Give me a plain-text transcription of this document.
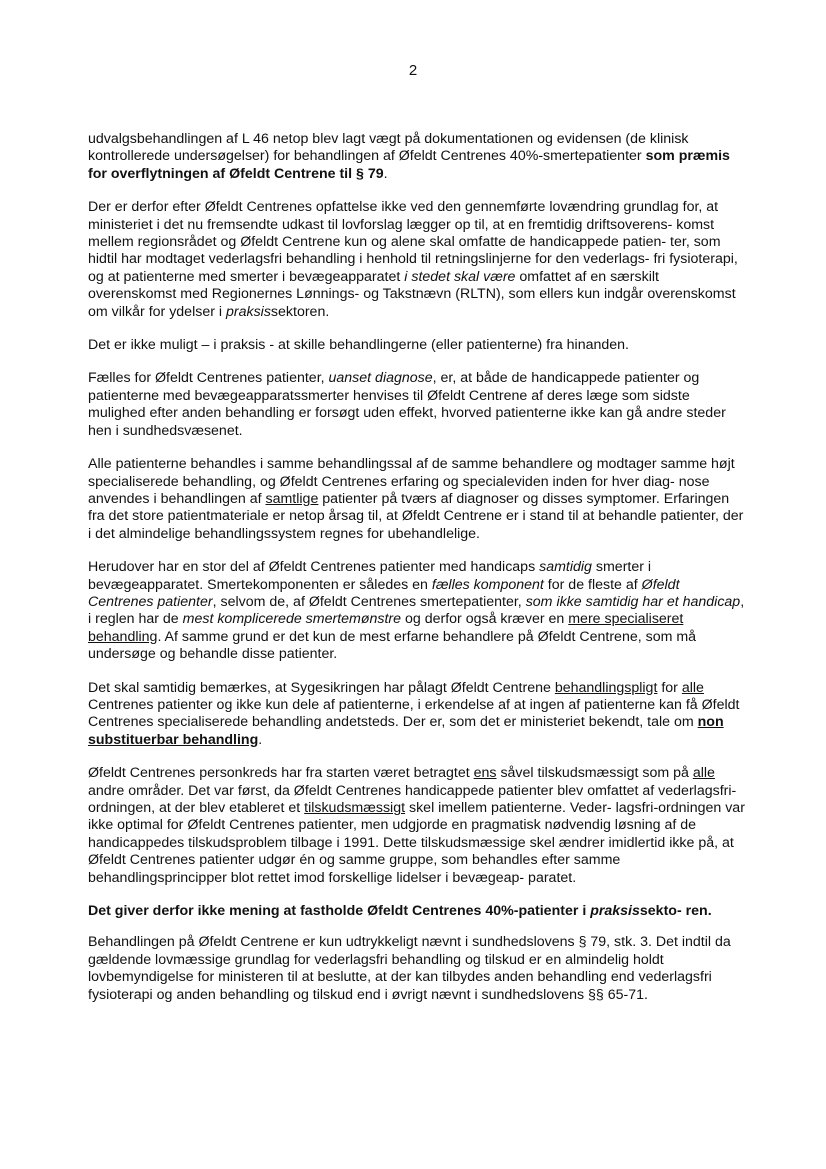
2

udvalgsbehandlingen af L 46 netop blev lagt vægt på dokumentationen og evidensen (de klinisk kontrollerede undersøgelser) for behandlingen af Øfeldt Centrenes 40%-smertepatienter som præmis for overflytningen af Øfeldt Centrene til § 79.

Der er derfor efter Øfeldt Centrenes opfattelse ikke ved den gennemførte lovændring grundlag for, at ministeriet i det nu fremsendte udkast til lovforslag lægger op til, at en fremtidig driftsoverens- komst mellem regionsrådet og Øfeldt Centrene kun og alene skal omfatte de handicappede patien- ter, som hidtil har modtaget vederlagsfri behandling i henhold til retningslinjerne for den vederlags- fri fysioterapi, og at patienterne med smerter i bevægeapparatet i stedet skal være omfattet af en særskilt overenskomst med Regionernes Lønnings- og Takstnævn (RLTN), som ellers kun indgår overenskomst om vilkår for ydelser i praksissektoren.

Det er ikke muligt – i praksis - at skille behandlingerne (eller patienterne) fra hinanden.

Fælles for Øfeldt Centrenes patienter, uanset diagnose, er, at både de handicappede patienter og patienterne med bevægeapparatssmerter henvises til Øfeldt Centrene af deres læge som sidste mulighed efter anden behandling er forsøgt uden effekt, hvorved patienterne ikke kan gå andre steder hen i sundhedsvæsenet.

Alle patienterne behandles i samme behandlingssal af de samme behandlere og modtager samme højt specialiserede behandling, og Øfeldt Centrenes erfaring og specialeviden inden for hver diag- nose anvendes i behandlingen af samtlige patienter på tværs af diagnoser og disses symptomer. Erfaringen fra det store patientmateriale er netop årsag til, at Øfeldt Centrene er i stand til at behandle patienter, der i det almindelige behandlingssystem regnes for ubehandlelige.

Herudover har en stor del af Øfeldt Centrenes patienter med handicaps samtidig smerter i bevægeapparatet. Smertekomponenten er således en fælles komponent for de fleste af Øfeldt Centrenes patienter, selvom de, af Øfeldt Centrenes smertepatienter, som ikke samtidig har et handicap, i reglen har de mest komplicerede smertemønstre og derfor også kræver en mere specialiseret behandling. Af samme grund er det kun de mest erfarne behandlere på Øfeldt Centrene, som må undersøge og behandle disse patienter.

Det skal samtidig bemærkes, at Sygesikringen har pålagt Øfeldt Centrene behandlingspligt for alle Centrenes patienter og ikke kun dele af patienterne, i erkendelse af at ingen af patienterne kan få Øfeldt Centrenes specialiserede behandling andetsteds. Der er, som det er ministeriet bekendt, tale om non substituerbar behandling.

Øfeldt Centrenes personkreds har fra starten været betragtet ens såvel tilskudsmæssigt som på alle andre områder. Det var først, da Øfeldt Centrenes handicappede patienter blev omfattet af vederlagsfri-ordningen, at der blev etableret et tilskudsmæssigt skel imellem patienterne. Veder- lagsfri-ordningen var ikke optimal for Øfeldt Centrenes patienter, men udgjorde en pragmatisk nødvendig løsning af de handicappedes tilskudsproblem tilbage i 1991. Dette tilskudsmæssige skel ændrer imidlertid ikke på, at Øfeldt Centrenes patienter udgør én og samme gruppe, som behandles efter samme behandlingsprincipper blot rettet imod forskellige lidelser i bevægeap- paratet.

Det giver derfor ikke mening at fastholde Øfeldt Centrenes 40%-patienter i praksissekto- ren.

Behandlingen på Øfeldt Centrene er kun udtrykkeligt nævnt i sundhedslovens § 79, stk. 3. Det indtil da gældende lovmæssige grundlag for vederlagsfri behandling og tilskud er en almindelig holdt lovbemyndigelse for ministeren til at beslutte, at der kan tilbydes anden behandling end vederlagsfri fysioterapi og anden behandling og tilskud end i øvrigt nævnt i sundhedslovens §§ 65-71.
